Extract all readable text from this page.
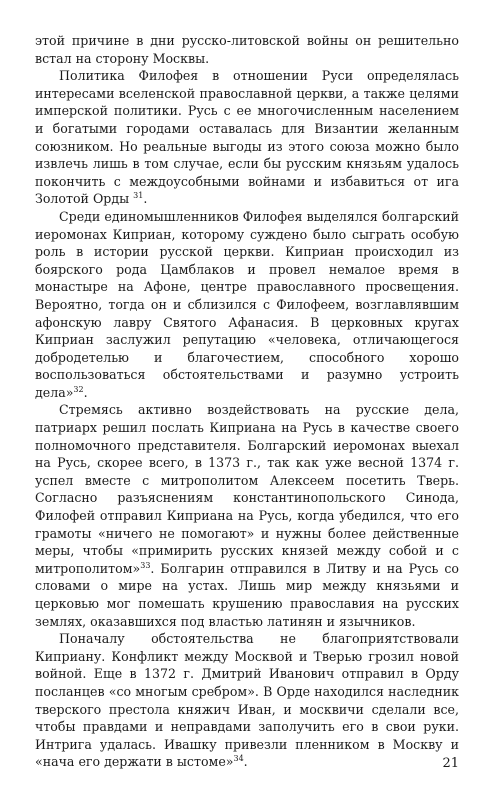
этой причине в дни русско-литовской войны он решительно встал на сторону Москвы.

Политика Филофея в отношении Руси определялась интересами вселенской православной церкви, а также целями имперской политики. Русь с ее многочисленным населением и богатыми городами оставалась для Византии желанным союзником. Но реальные выгоды из этого союза можно было извлечь лишь в том случае, если бы русским князьям удалось покончить с междоусобными войнами и избавиться от ига Золотой Орды $^{31}$.

Среди единомышленников Филофея выделялся болгарский иеромонах Киприан, которому суждено было сыграть особую роль в истории русской церкви. Киприан происходил из боярского рода Цамблаков и провел немалое время в монастыре на Афоне, центре православного просвещения. Вероятно, тогда он и сблизился с Филофеем, возглавлявшим афонскую лавру Святого Афанасия. В церковных кругах Киприан заслужил репутацию «человека, отличающегося добродетелью и благочестием, способного хорошо воспользоваться обстоятельствами и разумно устроить дела»$^{32}$.

Стремясь активно воздействовать на русские дела, патриарх решил послать Киприана на Русь в качестве своего полномочного представителя. Болгарский иеромонах выехал на Русь, скорее всего, в 1373 г., так как уже весной 1374 г. успел вместе с митрополитом Алексеем посетить Тверь. Согласно разъяснениям константинопольского Синода, Филофей отправил Киприана на Русь, когда убедился, что его грамоты «ничего не помогают» и нужны более действенные меры, чтобы «примирить русских князей между собой и с митрополитом»$^{33}$. Болгарин отправился в Литву и на Русь со словами о мире на устах. Лишь мир между князьями и церковью мог помешать крушению православия на русских землях, оказавшихся под властью латинян и язычников.

Поначалу обстоятельства не благоприятствовали Киприану. Конфликт между Москвой и Тверью грозил новой войной. Еще в 1372 г. Дмитрий Иванович отправил в Орду посланцев «со многым сребром». В Орде находился наследник тверского престола княжич Иван, и москвичи сделали все, чтобы правдами и неправдами заполучить его в свои руки. Интрига удалась. Ивашку привезли пленником в Москву и «нача его держати в ыстоме»$^{34}$.	21
